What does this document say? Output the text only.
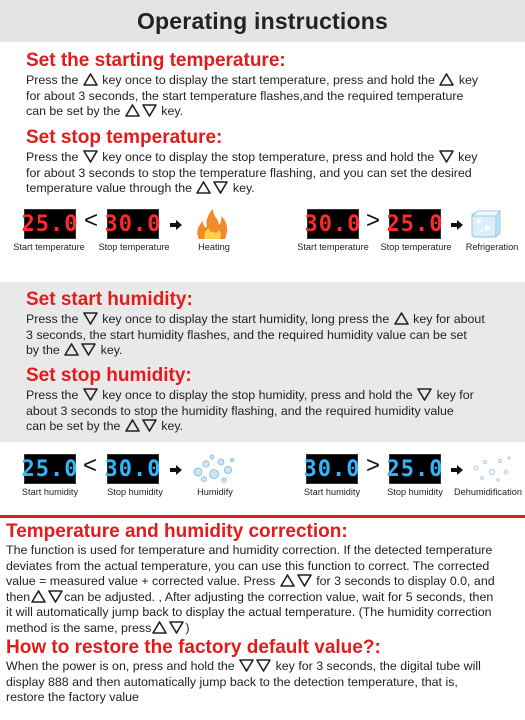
Operating instructions
Set the starting temperature:

Press the key once to display the start temperature, press and hold the key
for about 3 seconds, the start temperature flashes,and the required temperature
can be set by the	key.

Set stop temperature:

Press the key once to display the stop temperature, press and hold the key
for about 3 seconds to stop the temperature flashing, and you can set the desired
temperature value through the	key.

25.0 < 30.0
Start temperature Stop temperature	Heating
30.0 > 25.0
Start temperature Stop temperature	Refrigeration
Set start humidity:

Press the key once to display the start humidity, long press the key for about
3 seconds, the start humidity flashes, and the required humidity value can be set
by the	key.

Set stop humidity:

Press the key once to display the stop humidity, press and hold the key for
about 3 seconds to stop the humidity flashing, and the required humidity value
can be set by the	key.

25.0 < 30.0
Start humidity	Stop humidity	Humidify
30.0 > 25.0
Start humidity	Stop humidity	Dehumidification
Temperature and humidity correction:

The function is used for temperature and humidity correction. If the detected temperature
deviates from the actual temperature, you can use this function to correct. The corrected
value = measured value + corrected value. Press	for 3 seconds to display 0.0, and
then	can be adjusted. , After adjusting the correction value, wait for 5 seconds, then
it will automatically jump back to display the actual temperature. (The humidity correction
method is the same, press	)

How to restore the factory default value?:

When the power is on, press and hold the	key for 3 seconds, the digital tube will
display 888 and then automatically jump back to the detection temperature, that is,
restore the factory value
